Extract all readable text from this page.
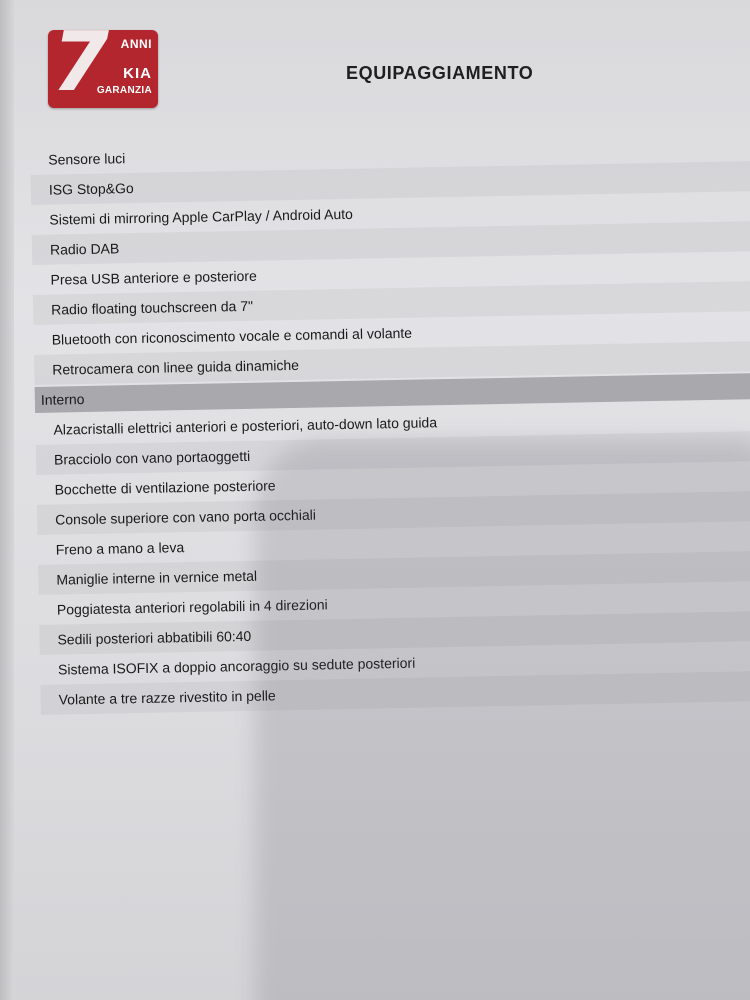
7 ANNI
KIA
GARANZIA
EQUIPAGGIAMENTO
Sensore luci
ISG Stop&Go
Sistemi di mirroring Apple CarPlay / Android Auto
Radio DAB
Presa USB anteriore e posteriore
Radio floating touchscreen da 7"
Bluetooth con riconoscimento vocale e comandi al volante
Retrocamera con linee guida dinamiche
Interno
Alzacristalli elettrici anteriori e posteriori, auto-down lato guida
Bracciolo con vano portaoggetti
Bocchette di ventilazione posteriore
Console superiore con vano porta occhiali
Freno a mano a leva
Maniglie interne in vernice metal
Poggiatesta anteriori regolabili in 4 direzioni
Sedili posteriori abbatibili 60:40
Sistema ISOFIX a doppio ancoraggio su sedute posteriori
Volante a tre razze rivestito in pelle
